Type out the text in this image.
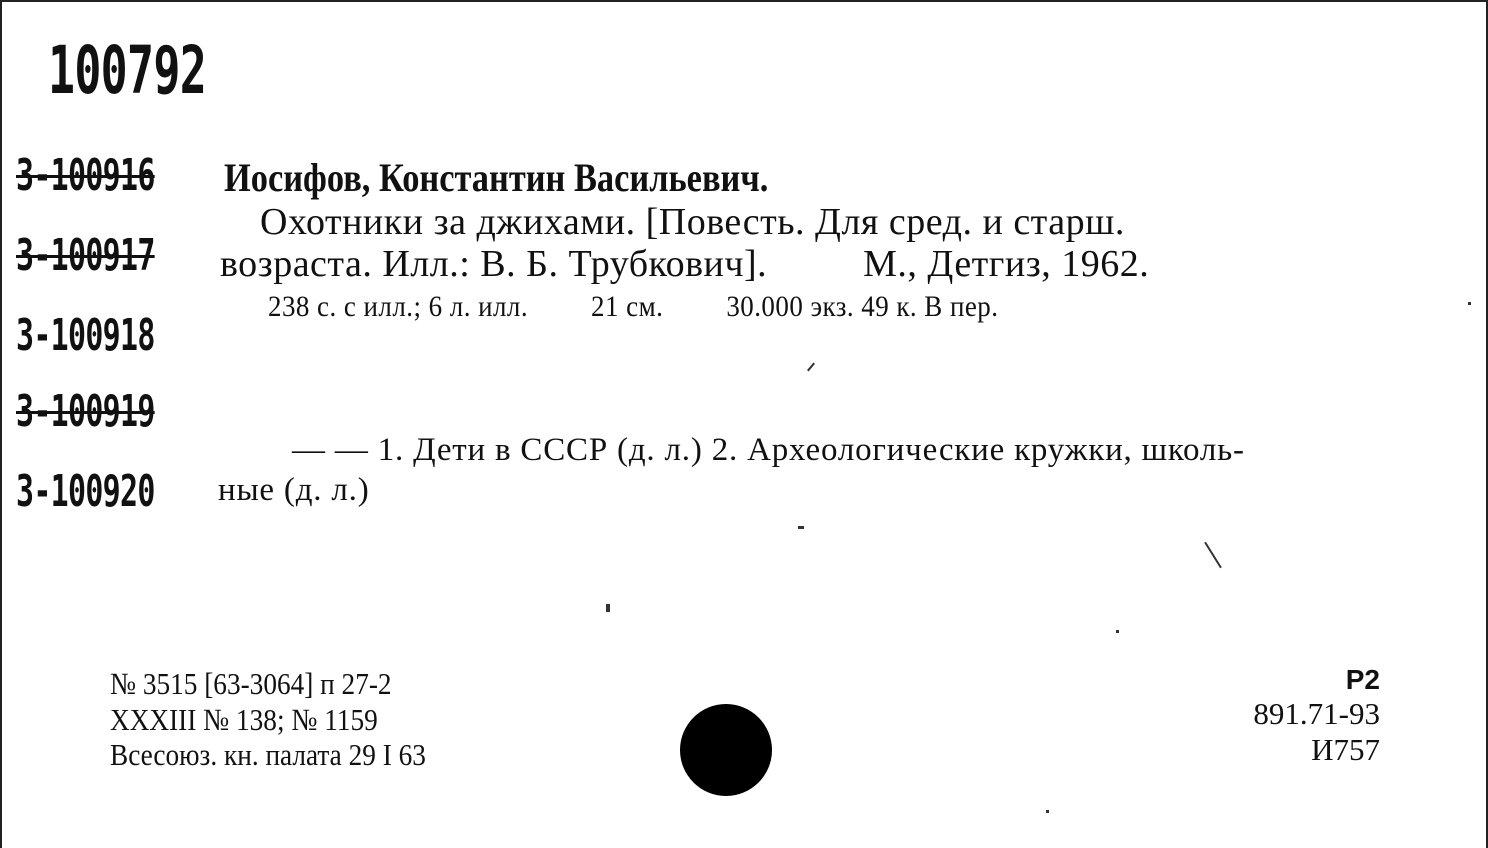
100792
3-100916
3-100917
3-100918
3-100919
3-100920
Иосифов, Константин Васильевич.
Охотники за джихами. [Повесть. Для сред. и старш.
возраста. Илл.: В. Б. Трубкович].	М., Детгиз, 1962.
238 с. с илл.; 6 л. илл. 21 см. 30.000 экз. 49 к. В пер.
— — 1. Дети в СССР (д. л.) 2. Археологические кружки, школь-
ные (д. л.)
№ 3515 [63-3064] п 27-2
XXXIII № 138; № 1159
Всесоюз. кн. палата 29 I 63
Р2
891.71-93
И757
